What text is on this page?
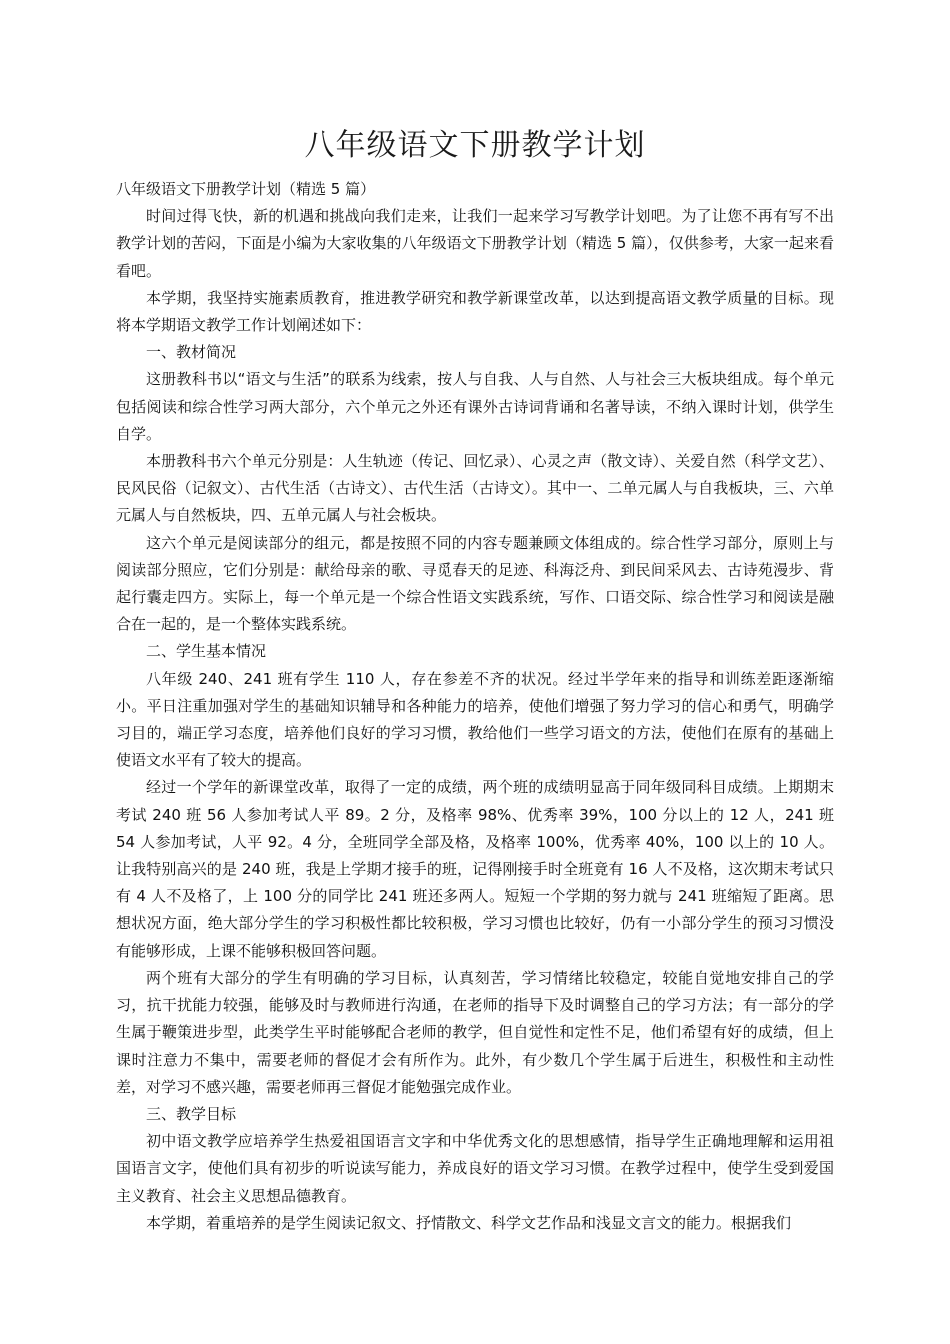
八年级语文下册教学计划

八年级语文下册教学计划（精选 5 篇）

时间过得飞快，新的机遇和挑战向我们走来，让我们一起来学习写教学计划吧。为了让您不再有写不出教学计划的苦闷，下面是小编为大家收集的八年级语文下册教学计划（精选 5 篇），仅供参考，大家一起来看看吧。

本学期，我坚持实施素质教育，推进教学研究和教学新课堂改革，以达到提高语文教学质量的目标。现将本学期语文教学工作计划阐述如下：

一、教材简况

这册教科书以“语文与生活”的联系为线索，按人与自我、人与自然、人与社会三大板块组成。每个单元包括阅读和综合性学习两大部分，六个单元之外还有课外古诗词背诵和名著导读，不纳入课时计划，供学生自学。

本册教科书六个单元分别是：人生轨迹（传记、回忆录）、心灵之声（散文诗）、关爱自然（科学文艺）、民风民俗（记叙文）、古代生活（古诗文）、古代生活（古诗文）。其中一、二单元属人与自我板块，三、六单元属人与自然板块，四、五单元属人与社会板块。

这六个单元是阅读部分的组元，都是按照不同的内容专题兼顾文体组成的。综合性学习部分，原则上与阅读部分照应，它们分别是：献给母亲的歌、寻觅春天的足迹、科海泛舟、到民间采风去、古诗苑漫步、背起行囊走四方。实际上，每一个单元是一个综合性语文实践系统，写作、口语交际、综合性学习和阅读是融合在一起的，是一个整体实践系统。

二、学生基本情况

八年级 240、241 班有学生 110 人，存在参差不齐的状况。经过半学年来的指导和训练差距逐渐缩小。平日注重加强对学生的基础知识辅导和各种能力的培养，使他们增强了努力学习的信心和勇气，明确学习目的，端正学习态度，培养他们良好的学习习惯，教给他们一些学习语文的方法，使他们在原有的基础上使语文水平有了较大的提高。

经过一个学年的新课堂改革，取得了一定的成绩，两个班的成绩明显高于同年级同科目成绩。上期期末考试 240 班 56 人参加考试人平 89。2 分，及格率 98%、优秀率 39%，100 分以上的 12 人，241 班 54 人参加考试，人平 92。4 分，全班同学全部及格，及格率 100%，优秀率 40%，100 以上的 10 人。让我特别高兴的是 240 班，我是上学期才接手的班，记得刚接手时全班竟有 16 人不及格，这次期末考试只有 4 人不及格了，上 100 分的同学比 241 班还多两人。短短一个学期的努力就与 241 班缩短了距离。思想状况方面，绝大部分学生的学习积极性都比较积极，学习习惯也比较好，仍有一小部分学生的预习习惯没有能够形成，上课不能够积极回答问题。

两个班有大部分的学生有明确的学习目标，认真刻苦，学习情绪比较稳定，较能自觉地安排自己的学习，抗干扰能力较强，能够及时与教师进行沟通，在老师的指导下及时调整自己的学习方法；有一部分的学生属于鞭策进步型，此类学生平时能够配合老师的教学，但自觉性和定性不足，他们希望有好的成绩，但上课时注意力不集中，需要老师的督促才会有所作为。此外，有少数几个学生属于后进生，积极性和主动性差，对学习不感兴趣，需要老师再三督促才能勉强完成作业。

三、教学目标

初中语文教学应培养学生热爱祖国语言文字和中华优秀文化的思想感情，指导学生正确地理解和运用祖国语言文字，使他们具有初步的听说读写能力，养成良好的语文学习习惯。在教学过程中，使学生受到爱国主义教育、社会主义思想品德教育。

本学期，着重培养的是学生阅读记叙文、抒情散文、科学文艺作品和浅显文言文的能力。根据我们
